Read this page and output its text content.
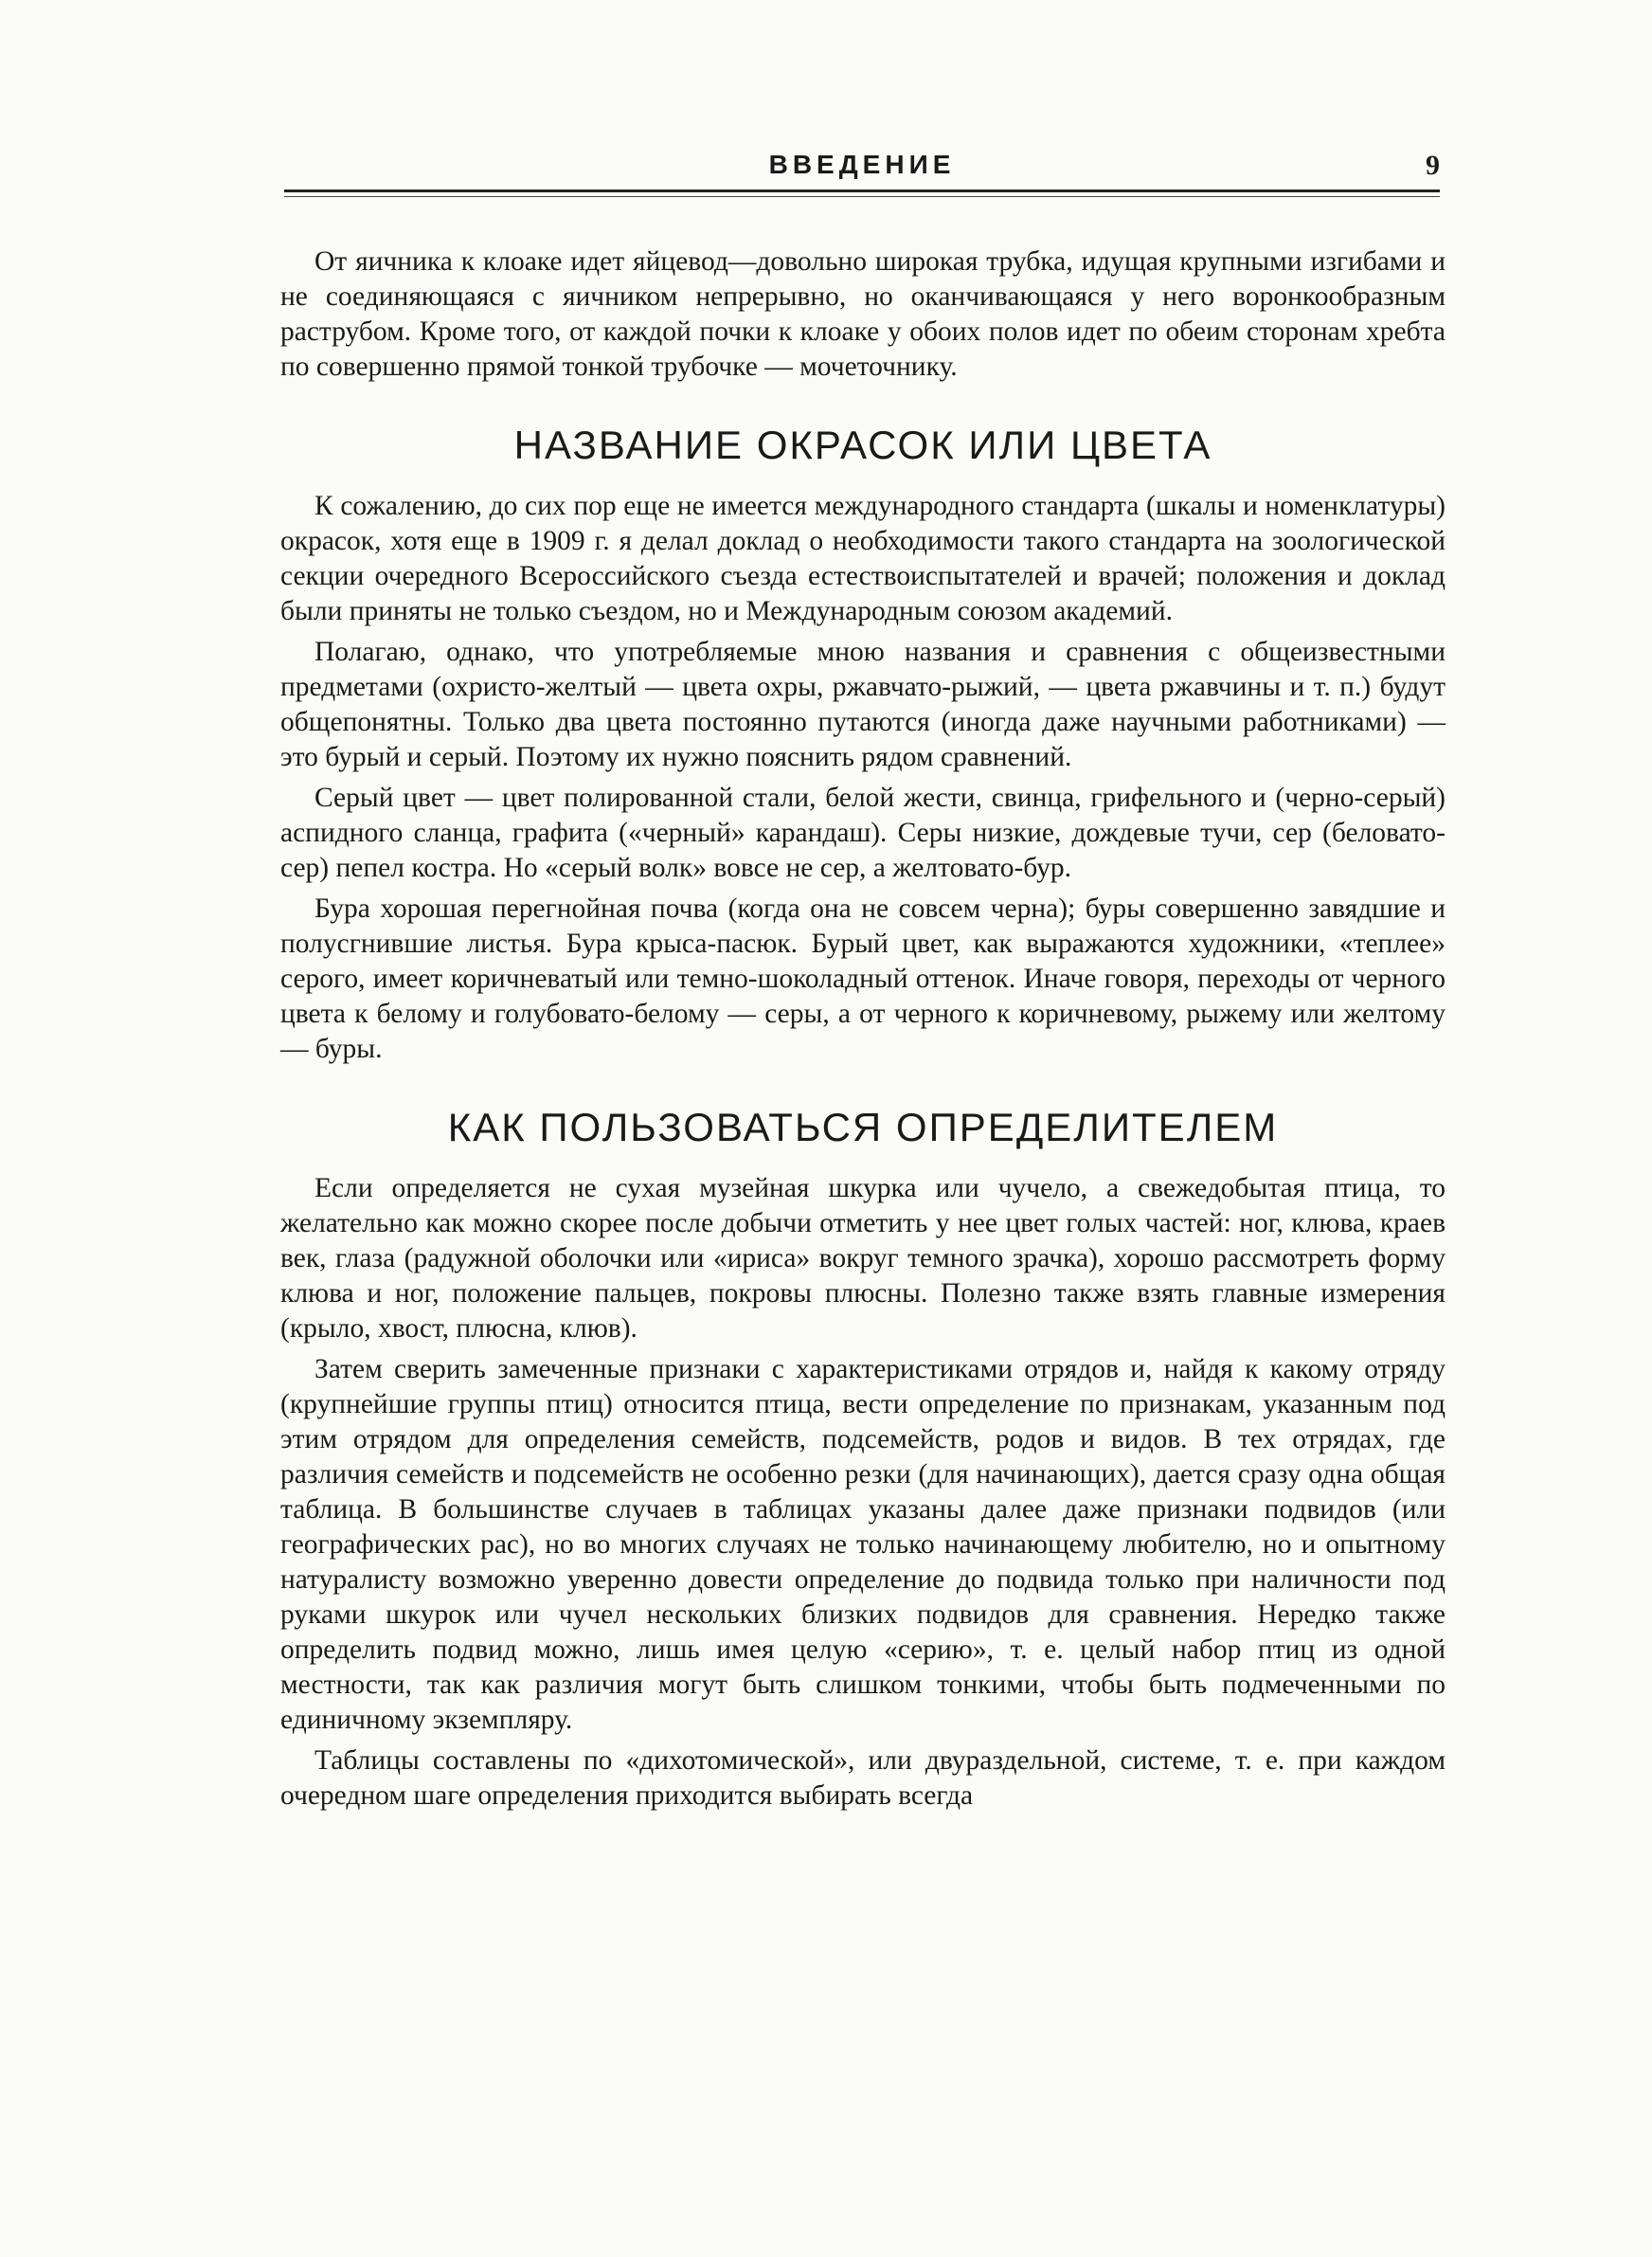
ВВЕДЕНИЕ	9

От яичника к клоаке идет яйцевод—довольно широкая трубка, идущая крупными изгибами и не соединяющаяся с яичником непрерывно, но оканчивающаяся у него воронкообразным раструбом. Кроме того, от каждой почки к клоаке у обоих полов идет по обеим сторонам хребта по совершенно прямой тонкой трубочке — мочеточнику.

НАЗВАНИЕ ОКРАСОК ИЛИ ЦВЕТА

К сожалению, до сих пор еще не имеется международного стандарта (шкалы и номенклатуры) окрасок, хотя еще в 1909 г. я делал доклад о необходимости такого стандарта на зоологической секции очередного Всероссийского съезда естествоиспытателей и врачей; положения и доклад были приняты не только съездом, но и Международным союзом академий.

Полагаю, однако, что употребляемые мною названия и сравнения с общеизвестными предметами (охристо-желтый — цвета охры, ржавчато-рыжий, — цвета ржавчины и т. п.) будут общепонятны. Только два цвета постоянно путаются (иногда даже научными работниками) — это бурый и серый. Поэтому их нужно пояснить рядом сравнений.

Серый цвет — цвет полированной стали, белой жести, свинца, грифельного и (черно-серый) аспидного сланца, графита («черный» карандаш). Серы низкие, дождевые тучи, сер (беловато-сер) пепел костра. Но «серый волк» вовсе не сер, а желтовато-бур.

Бура хорошая перегнойная почва (когда она не совсем черна); буры совершенно завядшие и полусгнившие листья. Бура крыса-пасюк. Бурый цвет, как выражаются художники, «теплее» серого, имеет коричневатый или темно-шоколадный оттенок. Иначе говоря, переходы от черного цвета к белому и голубовато-белому — серы, а от черного к коричневому, рыжему или желтому — буры.

КАК ПОЛЬЗОВАТЬСЯ ОПРЕДЕЛИТЕЛЕМ

Если определяется не сухая музейная шкурка или чучело, а свежедобытая птица, то желательно как можно скорее после добычи отметить у нее цвет голых частей: ног, клюва, краев век, глаза (радужной оболочки или «ириса» вокруг темного зрачка), хорошо рассмотреть форму клюва и ног, положение пальцев, покровы плюсны. Полезно также взять главные измерения (крыло, хвост, плюсна, клюв).

Затем сверить замеченные признаки с характеристиками отрядов и, найдя к какому отряду (крупнейшие группы птиц) относится птица, вести определение по признакам, указанным под этим отрядом для определения семейств, подсемейств, родов и видов. В тех отрядах, где различия семейств и подсемейств не особенно резки (для начинающих), дается сразу одна общая таблица. В большинстве случаев в таблицах указаны далее даже признаки подвидов (или географических рас), но во многих случаях не только начинающему любителю, но и опытному натуралисту возможно уверенно довести определение до подвида только при наличности под руками шкурок или чучел нескольких близких подвидов для сравнения. Нередко также определить подвид можно, лишь имея целую «серию», т. е. целый набор птиц из одной местности, так как различия могут быть слишком тонкими, чтобы быть подмеченными по единичному экземпляру.

Таблицы составлены по «дихотомической», или двураздельной, системе, т. е. при каждом очередном шаге определения приходится выбирать всегда
